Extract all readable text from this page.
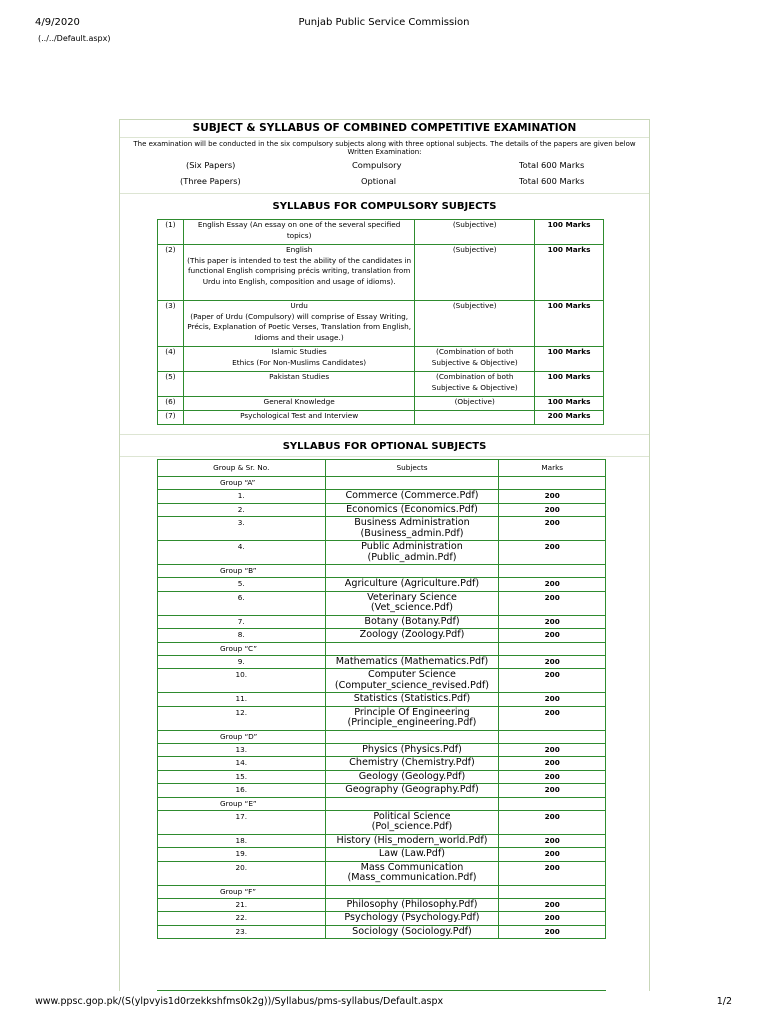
4/9/2020	Punjab Public Service Commission
(../../Default.aspx)
SUBJECT & SYLLABUS OF COMBINED COMPETITIVE EXAMINATION
The examination will be conducted in the six compulsory subjects along with three optional subjects. The details of the papers are given below Written Examination:
(Six Papers)	Compulsory	Total 600 Marks
(Three Papers)	Optional	Total 600 Marks
SYLLABUS FOR COMPULSORY SUBJECTS
(1)	English Essay (An essay on one of the several specified topics)	(Subjective)	100 Marks
(2)	English
(This paper is intended to test the ability of the candidates in functional English comprising précis writing, translation from Urdu into English, composition and usage of idioms).	(Subjective)	100 Marks
(3)	Urdu
(Paper of Urdu (Compulsory) will comprise of Essay Writing, Précis, Explanation of Poetic Verses, Translation from English, Idioms and their usage.)	(Subjective)	100 Marks
(4)	Islamic Studies
Ethics (For Non-Muslims Candidates)	(Combination of both Subjective & Objective)	100 Marks
(5)	Pakistan Studies	(Combination of both Subjective & Objective)	100 Marks
(6)	General Knowledge	(Objective)	100 Marks
(7)	Psychological Test and Interview		200 Marks
SYLLABUS FOR OPTIONAL SUBJECTS
Group & Sr. No.	Subjects	Marks
Group “A”		
1.	Commerce (Commerce.Pdf)	200
2.	Economics (Economics.Pdf)	200
3.	Business Administration
(Business_admin.Pdf)	200
4.	Public Administration
(Public_admin.Pdf)	200
Group “B”		
5.	Agriculture (Agriculture.Pdf)	200
6.	Veterinary Science
(Vet_science.Pdf)	200
7.	Botany (Botany.Pdf)	200
8.	Zoology (Zoology.Pdf)	200
Group “C”		
9.	Mathematics (Mathematics.Pdf)	200
10.	Computer Science
(Computer_science_revised.Pdf)	200
11.	Statistics (Statistics.Pdf)	200
12.	Principle Of Engineering
(Principle_engineering.Pdf)	200
Group “D”		
13.	Physics (Physics.Pdf)	200
14.	Chemistry (Chemistry.Pdf)	200
15.	Geology (Geology.Pdf)	200
16.	Geography (Geography.Pdf)	200
Group “E”		
17.	Political Science
(Pol_science.Pdf)	200
18.	History (His_modern_world.Pdf)	200
19.	Law (Law.Pdf)	200
20.	Mass Communication
(Mass_communication.Pdf)	200
Group “F”		
21.	Philosophy (Philosophy.Pdf)	200
22.	Psychology (Psychology.Pdf)	200
23.	Sociology (Sociology.Pdf)	200
www.ppsc.gop.pk/(S(ylpvyis1d0rzekkshfms0k2g))/Syllabus/pms-syllabus/Default.aspx	1/2
